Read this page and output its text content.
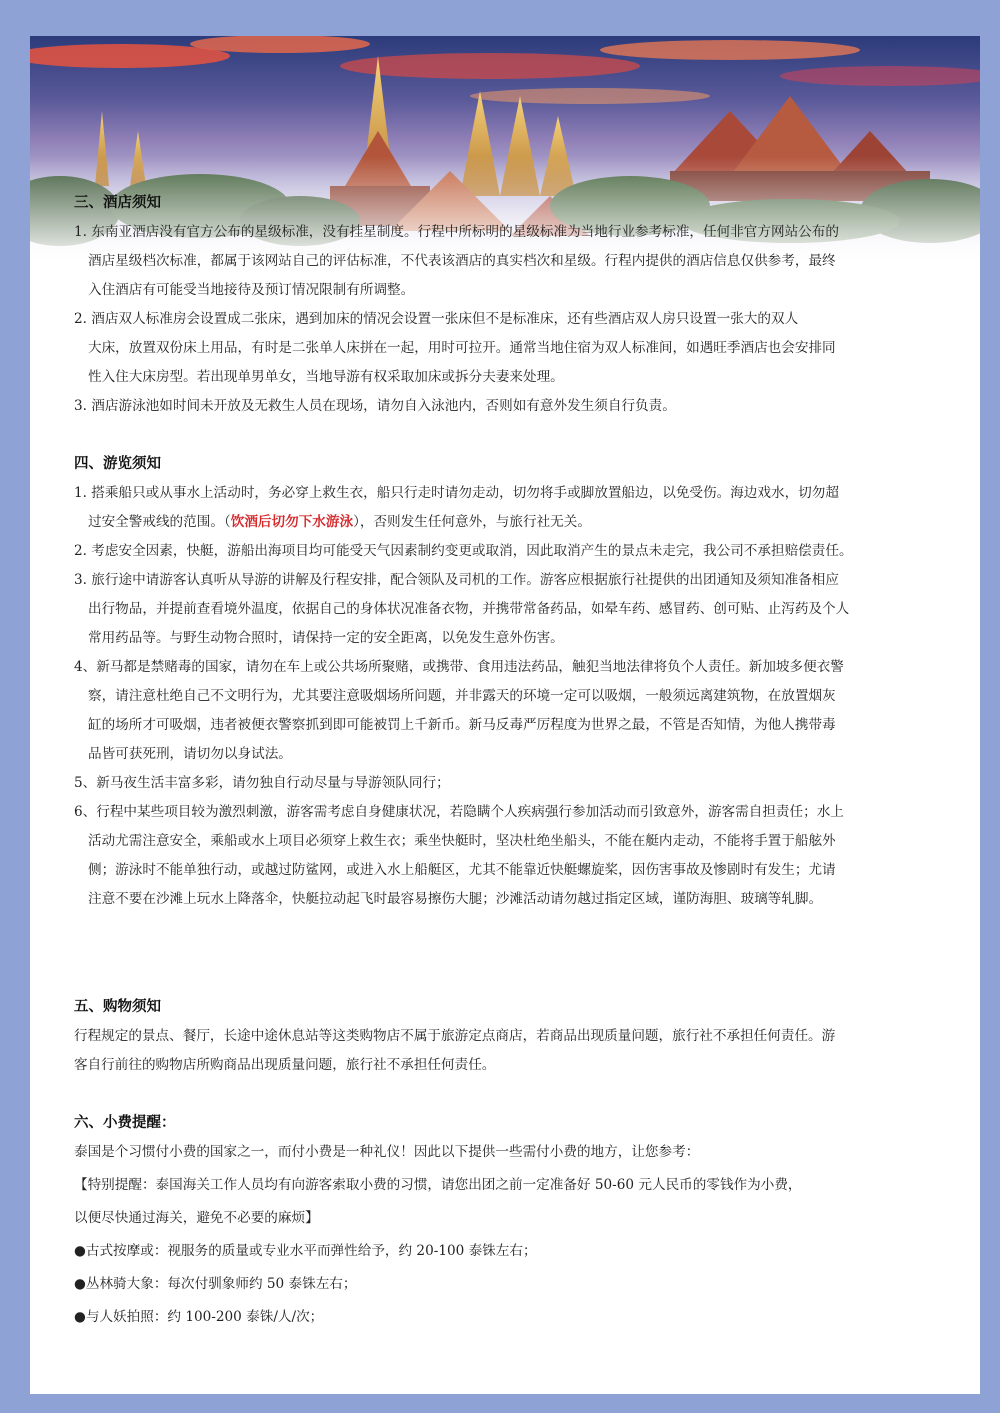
三、酒店须知

1. 东南亚酒店没有官方公布的星级标准，没有挂星制度。行程中所标明的星级标准为当地行业参考标准，任何非官方网站公布的
酒店星级档次标准，都属于该网站自己的评估标准，不代表该酒店的真实档次和星级。行程内提供的酒店信息仅供参考，最终
入住酒店有可能受当地接待及预订情况限制有所调整。
2. 酒店双人标准房会设置成二张床，遇到加床的情况会设置一张床但不是标准床，还有些酒店双人房只设置一张大的双人
大床，放置双份床上用品，有时是二张单人床拼在一起，用时可拉开。通常当地住宿为双人标准间，如遇旺季酒店也会安排同
性入住大床房型。若出现单男单女，当地导游有权采取加床或拆分夫妻来处理。
3. 酒店游泳池如时间未开放及无救生人员在现场，请勿自入泳池内，否则如有意外发生须自行负责。

四、游览须知

1. 搭乘船只或从事水上活动时，务必穿上救生衣，船只行走时请勿走动，切勿将手或脚放置船边，以免受伤。海边戏水，切勿超
过安全警戒线的范围。（饮酒后切勿下水游泳），否则发生任何意外，与旅行社无关。
2. 考虑安全因素，快艇，游船出海项目均可能受天气因素制约变更或取消，因此取消产生的景点未走完，我公司不承担赔偿责任。
3. 旅行途中请游客认真听从导游的讲解及行程安排，配合领队及司机的工作。游客应根据旅行社提供的出团通知及须知准备相应
出行物品，并提前查看境外温度，依据自己的身体状况准备衣物，并携带常备药品，如晕车药、感冒药、创可贴、止泻药及个人
常用药品等。与野生动物合照时，请保持一定的安全距离，以免发生意外伤害。
4、新马都是禁赌毒的国家，请勿在车上或公共场所聚赌，或携带、食用违法药品，触犯当地法律将负个人责任。新加坡多便衣警
察，请注意杜绝自己不文明行为，尤其要注意吸烟场所问题，并非露天的环境一定可以吸烟，一般须远离建筑物，在放置烟灰
缸的场所才可吸烟，违者被便衣警察抓到即可能被罚上千新币。新马反毒严厉程度为世界之最，不管是否知情，为他人携带毒
品皆可获死刑，请切勿以身试法。
5、新马夜生活丰富多彩，请勿独自行动尽量与导游领队同行；
6、行程中某些项目较为激烈刺激，游客需考虑自身健康状况，若隐瞒个人疾病强行参加活动而引致意外，游客需自担责任；水上
活动尤需注意安全，乘船或水上项目必须穿上救生衣；乘坐快艇时，坚决杜绝坐船头，不能在艇内走动，不能将手置于船舷外
侧；游泳时不能单独行动，或越过防鲨网，或进入水上船艇区，尤其不能靠近快艇螺旋桨，因伤害事故及惨剧时有发生；尤请
注意不要在沙滩上玩水上降落伞，快艇拉动起飞时最容易擦伤大腿；沙滩活动请勿越过指定区域，谨防海胆、玻璃等轧脚。

五、购物须知

行程规定的景点、餐厅，长途中途休息站等这类购物店不属于旅游定点商店，若商品出现质量问题，旅行社不承担任何责任。游
客自行前往的购物店所购商品出现质量问题，旅行社不承担任何责任。

六、小费提醒：

泰国是个习惯付小费的国家之一，而付小费是一种礼仪！因此以下提供一些需付小费的地方，让您参考：
【特别提醒：泰国海关工作人员均有向游客索取小费的习惯，请您出团之前一定准备好 50-60 元人民币的零钱作为小费，
以便尽快通过海关，避免不必要的麻烦】
●古式按摩或：视服务的质量或专业水平而弹性给予，约 20-100 泰铢左右；
●丛林骑大象：每次付驯象师约 50 泰铢左右；
●与人妖拍照：约 100-200 泰铢/人/次；
